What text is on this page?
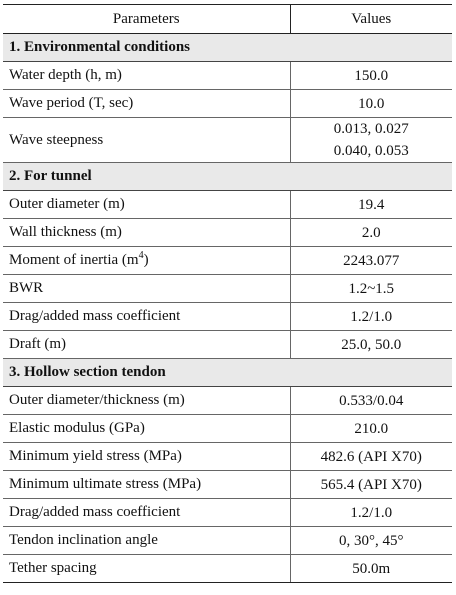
Parameters	Values
1. Environmental conditions	
Water depth (h, m)	150.0
Wave period (T, sec)	10.0
Wave steepness	0.013, 0.027
0.040, 0.053

2. For tunnel	
Outer diameter (m)	19.4
Wall thickness (m)	2.0
Moment of inertia $(m^4)$	2243.077
BWR	1.2~1.5
Drag/added mass coefficient	1.2/1.0
Draft (m)	25.0, 50.0
3. Hollow section tendon	
Outer diameter/thickness (m)	0.533/0.04
Elastic modulus (GPa)	210.0
Minimum yield stress (MPa)	482.6 (API X70)
Minimum ultimate stress (MPa)	565.4 (API X70)
Drag/added mass coefficient	1.2/1.0
Tendon inclination angle	0, 30°, 45°
Tether spacing	50.0m
